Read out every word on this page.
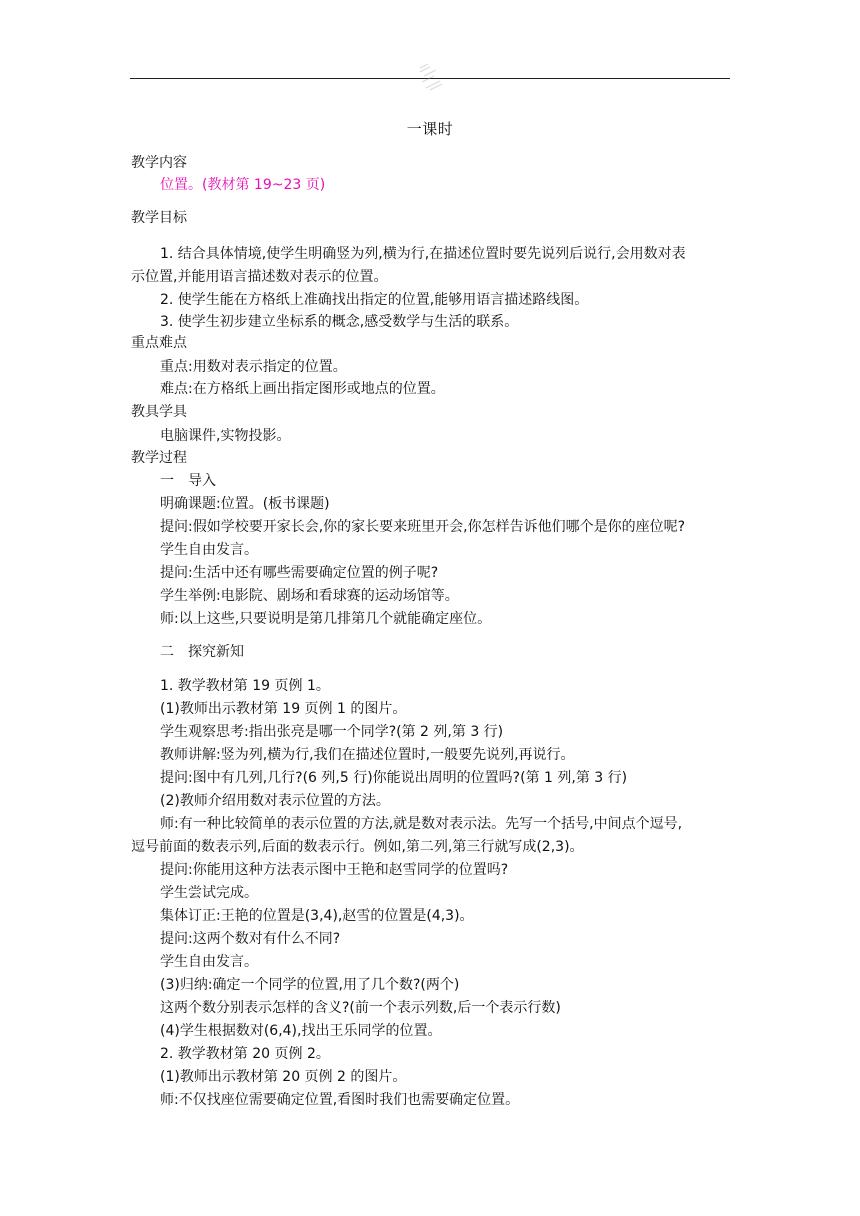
一课时
教学内容
位置。(教材第 19~23 页)
教学目标
1. 结合具体情境,使学生明确竖为列,横为行,在描述位置时要先说列后说行,会用数对表
示位置,并能用语言描述数对表示的位置。
2. 使学生能在方格纸上准确找出指定的位置,能够用语言描述路线图。
3. 使学生初步建立坐标系的概念,感受数学与生活的联系。
重点难点
重点:用数对表示指定的位置。
难点:在方格纸上画出指定图形或地点的位置。
教具学具
电脑课件,实物投影。
教学过程
一　导入
明确课题:位置。(板书课题)
提问:假如学校要开家长会,你的家长要来班里开会,你怎样告诉他们哪个是你的座位呢?
学生自由发言。
提问:生活中还有哪些需要确定位置的例子呢?
学生举例:电影院、剧场和看球赛的运动场馆等。
师:以上这些,只要说明是第几排第几个就能确定座位。
二　探究新知
1. 教学教材第 19 页例 1。
(1)教师出示教材第 19 页例 1 的图片。
学生观察思考:指出张亮是哪一个同学?(第 2 列,第 3 行)
教师讲解:竖为列,横为行,我们在描述位置时,一般要先说列,再说行。
提问:图中有几列,几行?(6 列,5 行)你能说出周明的位置吗?(第 1 列,第 3 行)
(2)教师介绍用数对表示位置的方法。
师:有一种比较简单的表示位置的方法,就是数对表示法。先写一个括号,中间点个逗号,
逗号前面的数表示列,后面的数表示行。例如,第二列,第三行就写成(2,3)。
提问:你能用这种方法表示图中王艳和赵雪同学的位置吗?
学生尝试完成。
集体订正:王艳的位置是(3,4),赵雪的位置是(4,3)。
提问:这两个数对有什么不同?
学生自由发言。
(3)归纳:确定一个同学的位置,用了几个数?(两个)
这两个数分别表示怎样的含义?(前一个表示列数,后一个表示行数)
(4)学生根据数对(6,4),找出王乐同学的位置。
2. 教学教材第 20 页例 2。
(1)教师出示教材第 20 页例 2 的图片。
师:不仅找座位需要确定位置,看图时我们也需要确定位置。
